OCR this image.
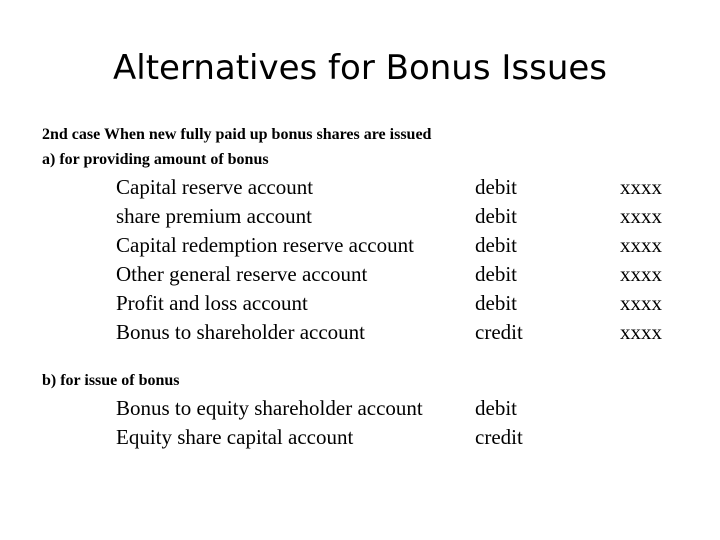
Alternatives for Bonus Issues
2nd case When new fully paid up bonus shares are issued
a) for providing amount of bonus
Capital reserve account	debit	xxxx
share premium account	debit	xxxx
Capital redemption reserve account	debit	xxxx
Other general reserve account	debit	xxxx
Profit and loss account	debit	xxxx
Bonus to shareholder account	credit	xxxx
b) for issue of bonus
Bonus to equity shareholder account debit
Equity share capital account	credit
